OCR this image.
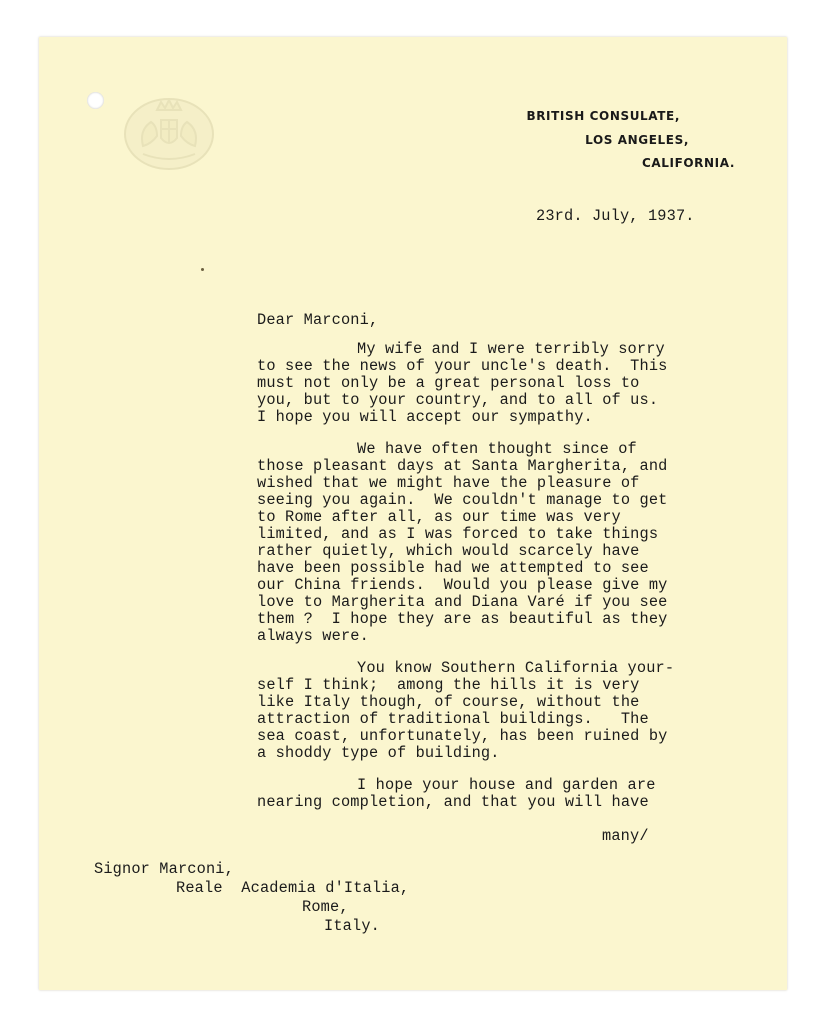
BRITISH CONSULATE,
LOS ANGELES,
CALIFORNIA.
23rd. July, 1937.
Dear Marconi,
My wife and I were terribly sorry
to see the news of your uncle's death.  This
must not only be a great personal loss to
you, but to your country, and to all of us.
I hope you will accept our sympathy.
We have often thought since of
those pleasant days at Santa Margherita, and
wished that we might have the pleasure of
seeing you again.  We couldn't manage to get
to Rome after all, as our time was very
limited, and as I was forced to take things
rather quietly, which would scarcely have
have been possible had we attempted to see
our China friends.  Would you please give my
love to Margherita and Diana Varé if you see
them ?  I hope they are as beautiful as they
always were.
You know Southern California your-
self I think;  among the hills it is very
like Italy though, of course, without the
attraction of traditional buildings.   The
sea coast, unfortunately, has been ruined by
a shoddy type of building.
I hope your house and garden are
nearing completion, and that you will have
many/
Signor Marconi,
Reale  Academia d'Italia,
Rome,
Italy.
